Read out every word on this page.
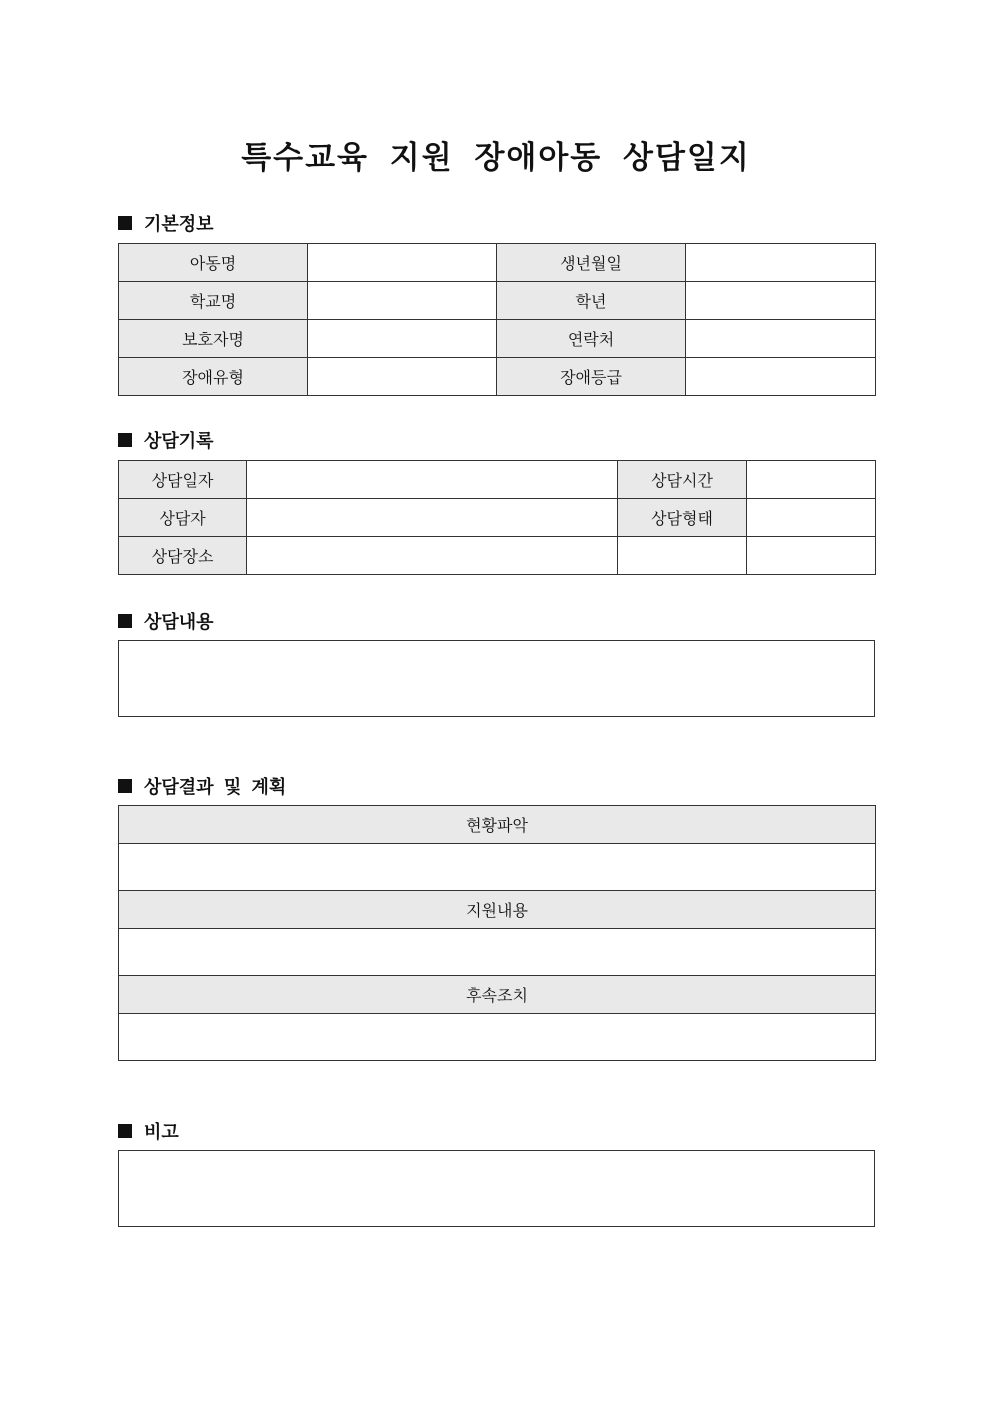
특수교육 지원 장애아동 상담일지
기본정보
아동명		생년월일	
학교명		학년	
보호자명		연락처	
장애유형		장애등급	
상담기록
상담일자		상담시간	
상담자		상담형태	
상담장소			
상담내용
상담결과 및 계획
현황파악

지원내용

후속조치

비고
